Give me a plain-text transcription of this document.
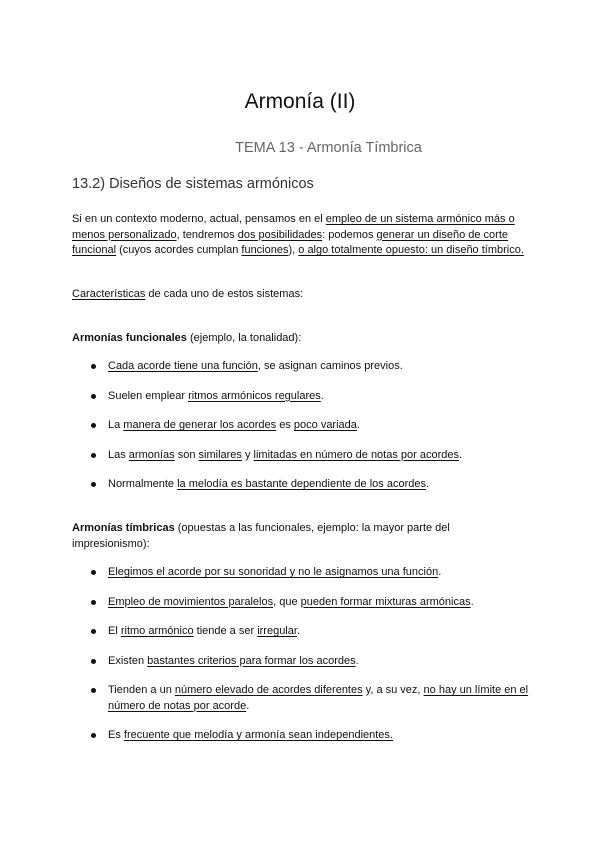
Armonía (II)
TEMA 13 - Armonía Tímbrica
13.2) Diseños de sistemas armónicos

Si en un contexto moderno, actual, pensamos en el empleo de un sistema armónico más o menos personalizado, tendremos dos posibilidades: podemos generar un diseño de corte funcional (cuyos acordes cumplan funciones), o algo totalmente opuesto: un diseño tímbrico.

Características de cada uno de estos sistemas:

Armonías funcionales (ejemplo, la tonalidad):

Cada acorde tiene una función, se asignan caminos previos.
Suelen emplear ritmos armónicos regulares.
La manera de generar los acordes es poco variada.
Las armonías son similares y limitadas en número de notas por acordes.
Normalmente la melodía es bastante dependiente de los acordes.

Armonías tímbricas (opuestas a las funcionales, ejemplo: la mayor parte del impresionismo):

Elegimos el acorde por su sonoridad y no le asignamos una función.
Empleo de movimientos paralelos, que pueden formar mixturas armónicas.
El ritmo armónico tiende a ser irregular.
Existen bastantes criterios para formar los acordes.
Tienden a un número elevado de acordes diferentes y, a su vez, no hay un límite en el número de notas por acorde.
Es frecuente que melodía y armonía sean independientes.
